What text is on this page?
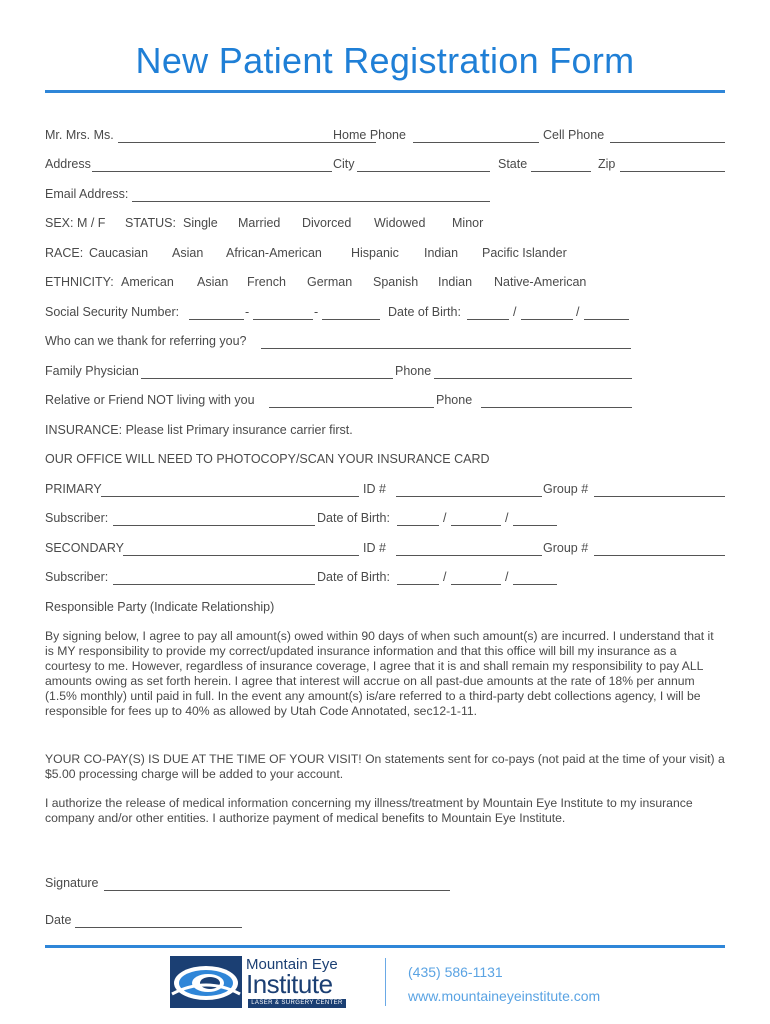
New Patient Registration Form
Mr. Mrs. Ms.	Home Phone	Cell Phone
Address	City	State	Zip
Email Address:
SEX: M / F STATUS: Single Married Divorced Widowed Minor
RACE: Caucasian Asian African-American Hispanic Indian Pacific Islander
ETHNICITY: American Asian French German Spanish Indian Native-American
Social Security Number:	-	-	Date of Birth:	/	/
Who can we thank for referring you?
Family Physician	Phone
Relative or Friend NOT living with you	Phone
INSURANCE: Please list Primary insurance carrier first.
OUR OFFICE WILL NEED TO PHOTOCOPY/SCAN YOUR INSURANCE CARD
PRIMARY	ID #	Group #
Subscriber:	Date of Birth:	/	/
SECONDARY	ID #	Group #
Subscriber:	Date of Birth:	/	/
Responsible Party (Indicate Relationship)
By signing below, I agree to pay all amount(s) owed within 90 days of when such amount(s) are incurred. I understand that it is MY responsibility to provide my correct/updated insurance information and that this office will bill my insurance as a courtesy to me. However, regardless of insurance coverage, I agree that it is and shall remain my responsibility to pay ALL amounts owing as set forth herein. I agree that interest will accrue on all past-due amounts at the rate of 18% per annum (1.5% monthly) until paid in full. In the event any amount(s) is/are referred to a third-party debt collections agency, I will be responsible for fees up to 40% as allowed by Utah Code Annotated, sec12-1-11.
YOUR CO-PAY(S) IS DUE AT THE TIME OF YOUR VISIT! On statements sent for co-pays (not paid at the time of your visit) a $5.00 processing charge will be added to your account.
I authorize the release of medical information concerning my illness/treatment by Mountain Eye Institute to my insurance company and/or other entities. I authorize payment of medical benefits to Mountain Eye Institute.
Signature
Date
Mountain Eye
Institute
LASER & SURGERY CENTER
(435) 586-1131
www.mountaineyeinstitute.com
